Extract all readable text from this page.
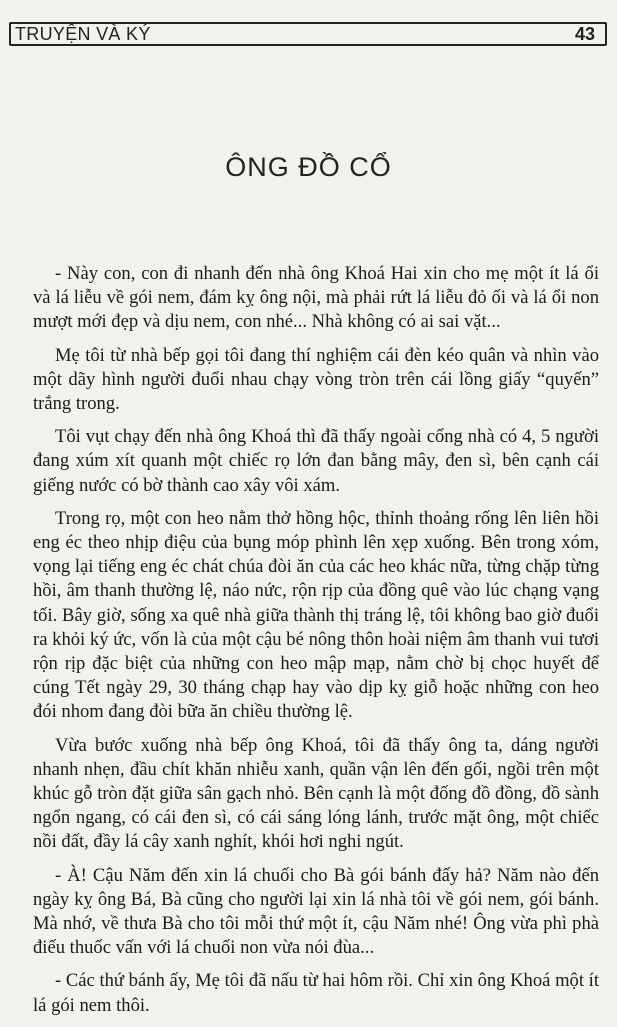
TRUYỆN VÀ KÝ	43
ÔNG ĐỒ CỔ

- Này con, con đi nhanh đến nhà ông Khoá Hai xin cho mẹ một ít lá ổi và lá liễu về gói nem, đám kỵ ông nội, mà phải rứt lá liễu đỏ ối và lá ổi non mượt mới đẹp và dịu nem, con nhé... Nhà không có ai sai vặt...

Mẹ tôi từ nhà bếp gọi tôi đang thí nghiệm cái đèn kéo quân và nhìn vào một dãy hình người đuổi nhau chạy vòng tròn trên cái lồng giấy “quyến” trắng trong.

Tôi vụt chạy đến nhà ông Khoá thì đã thấy ngoài cổng nhà có 4, 5 người đang xúm xít quanh một chiếc rọ lớn đan bằng mây, đen sì, bên cạnh cái giếng nước có bờ thành cao xây vôi xám.

Trong rọ, một con heo nằm thở hồng hộc, thỉnh thoảng rống lên liên hồi eng éc theo nhịp điệu của bụng móp phình lên xẹp xuống. Bên trong xóm, vọng lại tiếng eng éc chát chúa đòi ăn của các heo khác nữa, từng chặp từng hồi, âm thanh thường lệ, náo nức, rộn rịp của đồng quê vào lúc chạng vạng tối. Bây giờ, sống xa quê nhà giữa thành thị tráng lệ, tôi không bao giờ đuổi ra khỏi ký ức, vốn là của một cậu bé nông thôn hoài niệm âm thanh vui tươi rộn rịp đặc biệt của những con heo mập mạp, nằm chờ bị chọc huyết để cúng Tết ngày 29, 30 tháng chạp hay vào dịp kỵ giỗ hoặc những con heo đói nhom đang đòi bữa ăn chiều thường lệ.

Vừa bước xuống nhà bếp ông Khoá, tôi đã thấy ông ta, dáng người nhanh nhẹn, đầu chít khăn nhiễu xanh, quần vận lên đến gối, ngồi trên một khúc gỗ tròn đặt giữa sân gạch nhỏ. Bên cạnh là một đống đồ đồng, đồ sành ngổn ngang, có cái đen sì, có cái sáng lóng lánh, trước mặt ông, một chiếc nồi đất, đầy lá cây xanh nghít, khói hơi nghi ngút.

- À! Cậu Năm đến xin lá chuối cho Bà gói bánh đấy hả? Năm nào đến ngày kỵ ông Bá, Bà cũng cho người lại xin lá nhà tôi về gói nem, gói bánh. Mà nhớ, về thưa Bà cho tôi mỗi thứ một ít, cậu Năm nhé! Ông vừa phì phà điếu thuốc vấn với lá chuối non vừa nói đùa...

- Các thứ bánh ấy, Mẹ tôi đã nấu từ hai hôm rồi. Chỉ xin ông Khoá một ít lá gói nem thôi.
